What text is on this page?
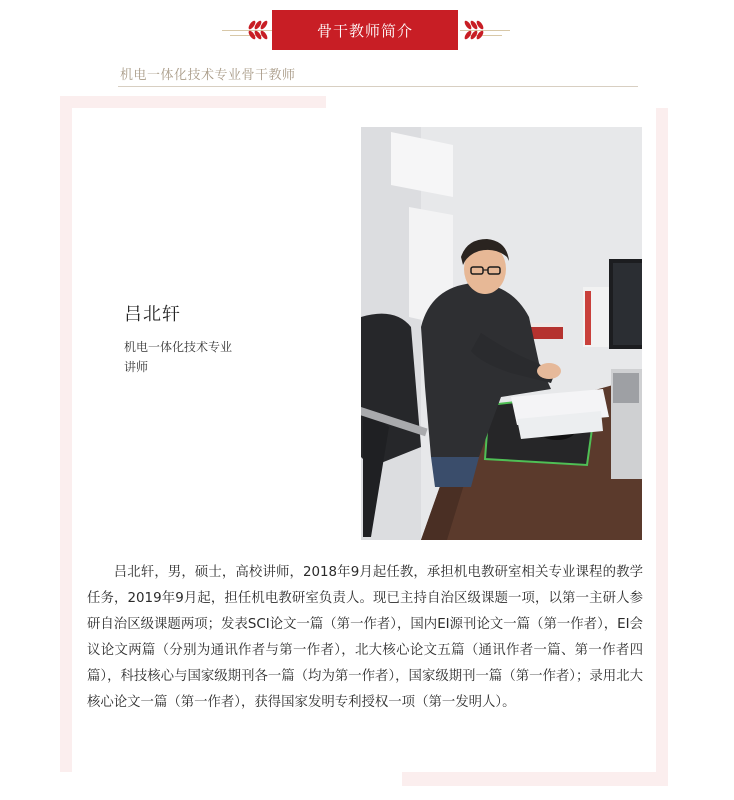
骨干教师简介
机电一体化技术专业骨干教师
吕北轩
机电一体化技术专业
讲师

吕北轩，男，硕士，高校讲师，2018年9月起任教，承担机电教研室相关专业课程的教学任务，2019年9月起，担任机电教研室负责人。现已主持自治区级课题一项，以第一主研人参研自治区级课题两项；发表SCI论文一篇（第一作者），国内EI源刊论文一篇（第一作者），EI会议论文两篇（分别为通讯作者与第一作者），北大核心论文五篇（通讯作者一篇、第一作者四篇），科技核心与国家级期刊各一篇（均为第一作者），国家级期刊一篇（第一作者）；录用北大核心论文一篇（第一作者），获得国家发明专利授权一项（第一发明人）。
